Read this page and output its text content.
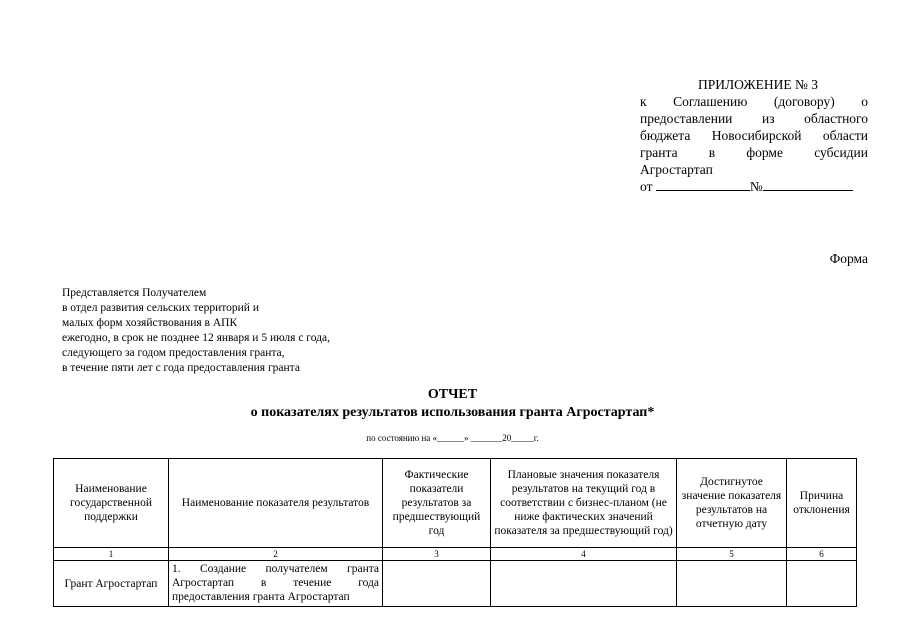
ПРИЛОЖЕНИЕ № 3
к Соглашению (договору) о
предоставлении из областного
бюджета Новосибирской области
гранта в форме субсидии
Агростартап
от	№
Форма
Представляется Получателем
в отдел развития сельских территорий и
малых форм хозяйствования в АПК
ежегодно, в срок не позднее 12 января и 5 июля с года,
следующего за годом предоставления гранта,
в течение пяти лет с года предоставления гранта
ОТЧЕТ
о показателях результатов использования гранта Агростартап*
по состоянию на «______» _______20_____г.
Наименование государственной поддержки	Наименование показателя результатов	Фактические показатели результатов за предшествующий год	Плановые значения показателя результатов на текущий год в соответствии с бизнес-планом (не ниже фактических значений показателя за предшествующий год)	Достигнутое значение показателя результатов на отчетную дату	Причина отклонения
1	2	3	4	5	6
Грант Агростартап	1. Создание получателем гранта Агростартап в течение года предоставления гранта Агростартап				
